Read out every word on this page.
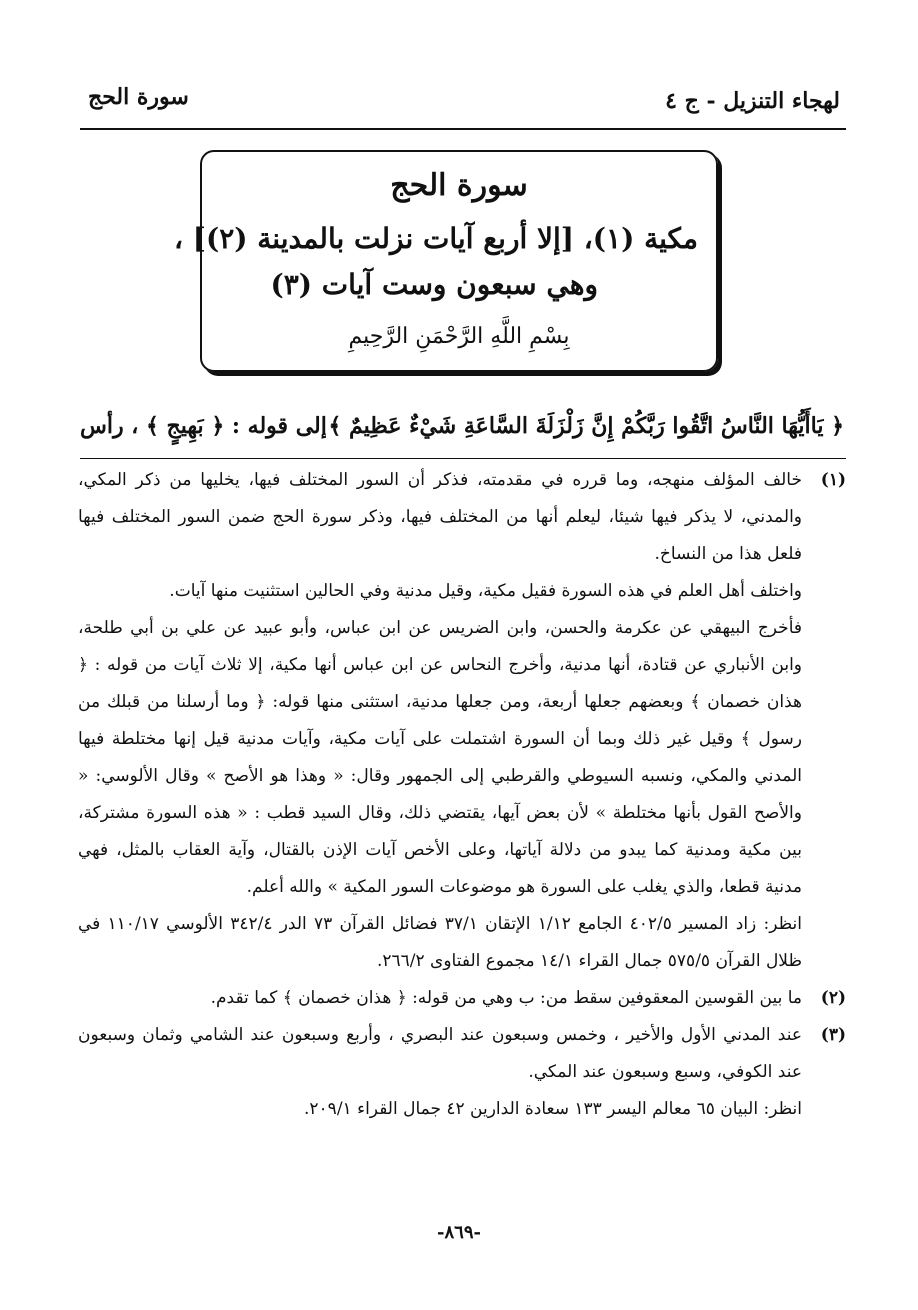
لهجاء التنزيل - ج ٤
سورة الحج
سورة الحج
مكية (١)، [إلا أربع آيات نزلت بالمدينة (٢)] ،
وهي سبعون وست آيات (٣)
بِسْمِ اللَّهِ الرَّحْمَنِ الرَّحِيمِ
﴿ يَاأَيُّهَا النَّاسُ اتَّقُوا رَبَّكُمْ إِنَّ زَلْزَلَةَ السَّاعَةِ شَيْءٌ عَظِيمٌ ﴾
إلى قوله : ﴿ بَهِيجٍ ﴾ ، رأس
(١)

خالف المؤلف منهجه، وما قرره في مقدمته، فذكر أن السور المختلف فيها، يخليها من ذكر المكي، والمدني، لا يذكر فيها شيئا، ليعلم أنها من المختلف فيها، وذكر سورة الحج ضمن السور المختلف فيها فلعل هذا من النساخ.

واختلف أهل العلم في هذه السورة فقيل مكية، وقيل مدنية وفي الحالين استثنيت منها آيات.

فأخرج البيهقي عن عكرمة والحسن، وابن الضريس عن ابن عباس، وأبو عبيد عن علي بن أبي طلحة، وابن الأنباري عن قتادة، أنها مدنية، وأخرج النحاس عن ابن عباس أنها مكية، إلا ثلاث آيات من قوله : ﴿ هذان خصمان ﴾ وبعضهم جعلها أربعة، ومن جعلها مدنية، استثنى منها قوله: ﴿ وما أرسلنا من قبلك من رسول ﴾ وقيل غير ذلك وبما أن السورة اشتملت على آيات مكية، وآيات مدنية قيل إنها مختلطة فيها المدني والمكي، ونسبه السيوطي والقرطبي إلى الجمهور وقال: « وهذا هو الأصح » وقال الألوسي: « والأصح القول بأنها مختلطة » لأن بعض آيها، يقتضي ذلك، وقال السيد قطب : « هذه السورة مشتركة، بين مكية ومدنية كما يبدو من دلالة آياتها، وعلى الأخص آيات الإذن بالقتال، وآية العقاب بالمثل، فهي مدنية قطعا، والذي يغلب على السورة هو موضوعات السور المكية » والله أعلم.

انظر: زاد المسير ٤٠٢/٥ الجامع ١/١٢ الإتقان ٣٧/١ فضائل القرآن ٧٣ الدر ٣٤٢/٤ الألوسي ١١٠/١٧ في ظلال القرآن ٥٧٥/٥ جمال القراء ١٤/١ مجموع الفتاوى ٢٦٦/٢.

(٢)

ما بين القوسين المعقوفين سقط من: ب وهي من قوله: ﴿ هذان خصمان ﴾ كما تقدم.

(٣)

عند المدني الأول والأخير ، وخمس وسبعون عند البصري ، وأربع وسبعون عند الشامي وثمان وسبعون عند الكوفي، وسبع وسبعون عند المكي.

انظر: البيان ٦٥ معالم اليسر ١٣٣ سعادة الدارين ٤٢ جمال القراء ٢٠٩/١.

-٨٦٩-
